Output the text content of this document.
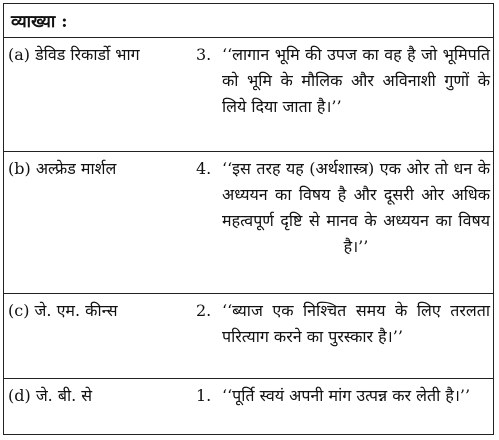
व्याख्या :
(a) डेविड रिकार्डो भाग	3. ‘‘लागान भूमि की उपज का वह है जो भूमिपति को भूमि के मौलिक और अविनाशी गुणों के लिये दिया जाता है।’’
(b) अल्फ्रेड मार्शल	4. ‘‘इस तरह यह (अर्थशास्त्र) एक ओर तो धन के अध्ययन का विषय है और दूसरी ओर अधिक महत्वपूर्ण दृष्टि से मानव के अध्ययन का विषय है।’’
(c) जे. एम. कीन्स	2. ‘‘ब्याज एक निश्चित समय के लिए तरलता परित्याग करने का पुरस्कार है।’’
(d) जे. बी. से	1. ‘‘पूर्ति स्वयं अपनी मांग उत्पन्न कर लेती है।’’
